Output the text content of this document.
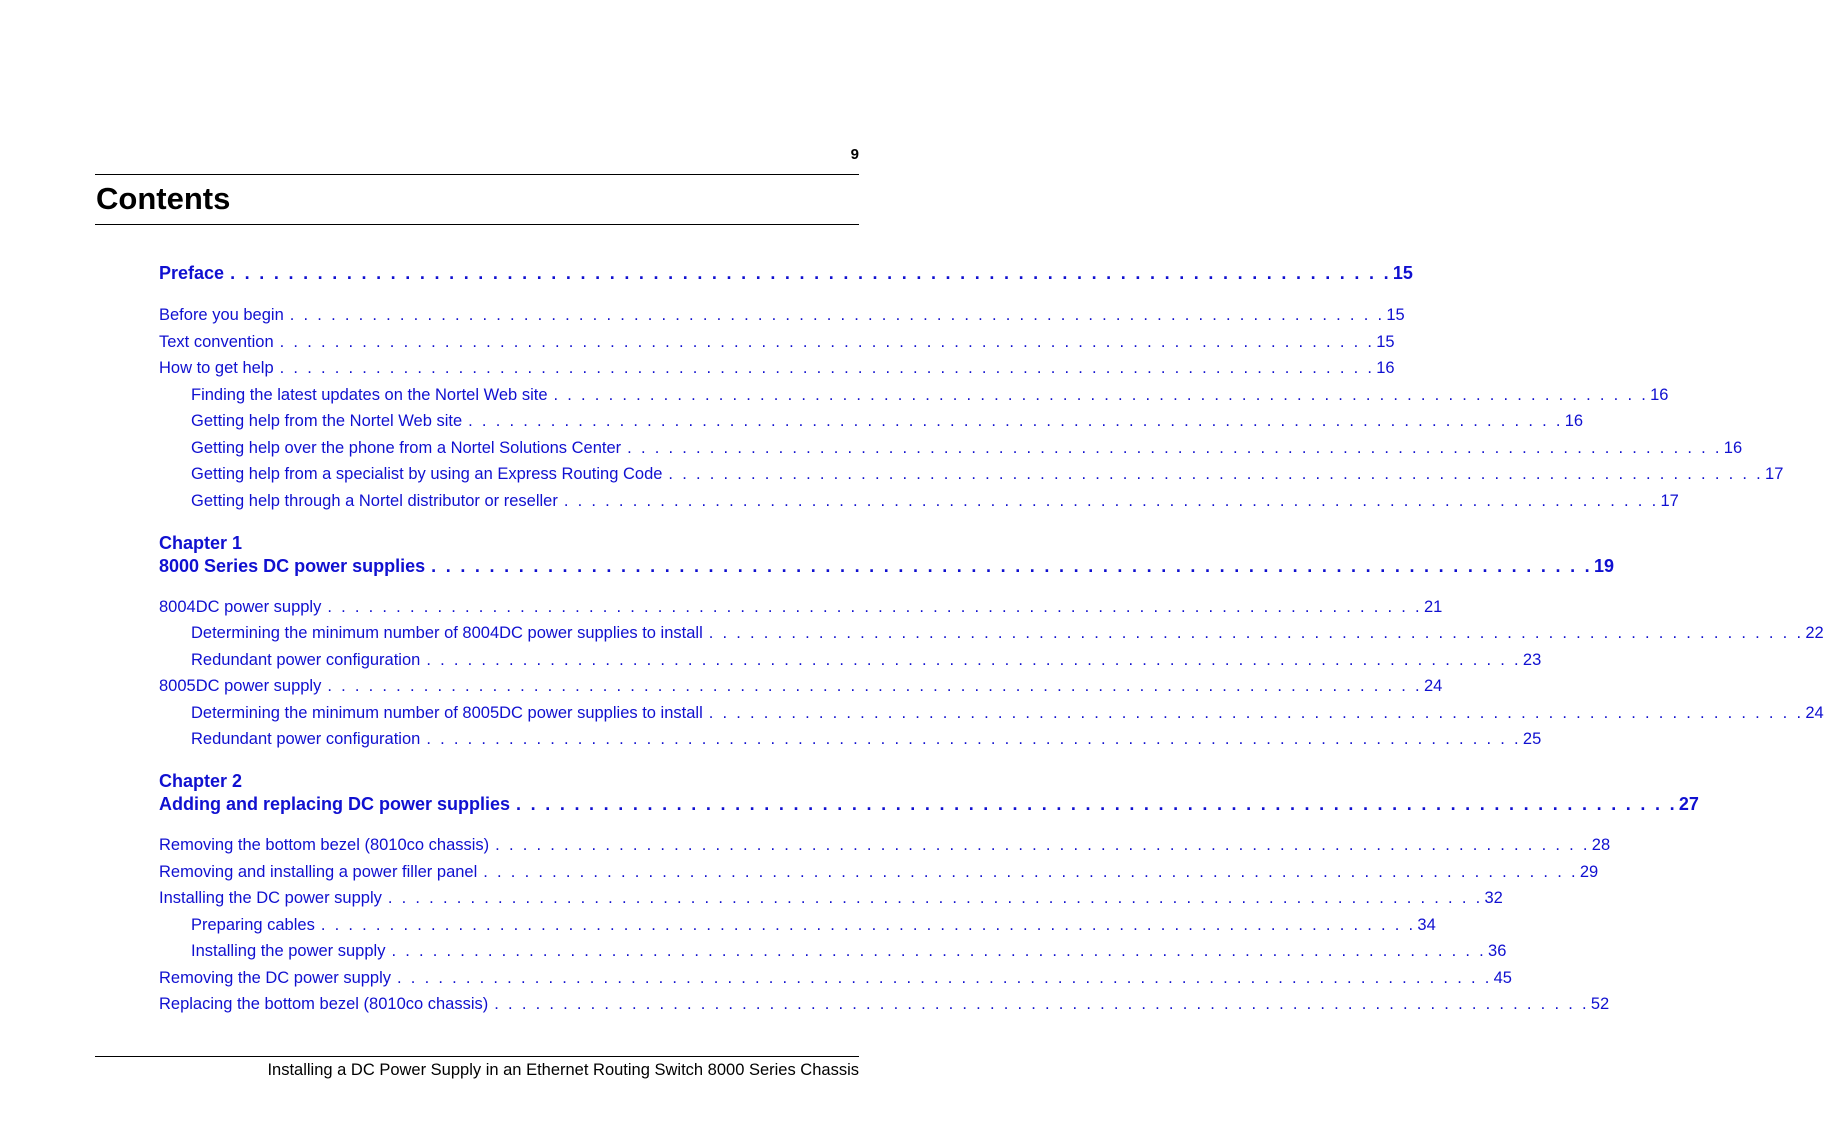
9
Contents
Preface . . . . . . . . . . . . . . . . . . . . . . . . . . . . . . . . . . . . . . . . . . . . . . . . . . . . . . . . . . . . . . . . . . . . . . . . . . . . . . . . 15
Before you begin . . . . . . . . . . . . . . . . . . . . . . . . . . . . . . . . . . . . . . . . . . . . . . . . . . . . . . . . . . . . . . . . . . . . . . . . . . . . . . . . 15
Text convention . . . . . . . . . . . . . . . . . . . . . . . . . . . . . . . . . . . . . . . . . . . . . . . . . . . . . . . . . . . . . . . . . . . . . . . . . . . . . . . . 15
How to get help . . . . . . . . . . . . . . . . . . . . . . . . . . . . . . . . . . . . . . . . . . . . . . . . . . . . . . . . . . . . . . . . . . . . . . . . . . . . . . . . 16
Finding the latest updates on the Nortel Web site . . . . . . . . . . . . . . . . . . . . . . . . . . . . . . . . . . . . . . . . . . . . . . . . . . . . . . . . . . . . . . . . . . . . . . . . . . . . . . . . 16
Getting help from the Nortel Web site . . . . . . . . . . . . . . . . . . . . . . . . . . . . . . . . . . . . . . . . . . . . . . . . . . . . . . . . . . . . . . . . . . . . . . . . . . . . . . . . 16
Getting help over the phone from a Nortel Solutions Center . . . . . . . . . . . . . . . . . . . . . . . . . . . . . . . . . . . . . . . . . . . . . . . . . . . . . . . . . . . . . . . . . . . . . . . . . . . . . . . . 16
Getting help from a specialist by using an Express Routing Code . . . . . . . . . . . . . . . . . . . . . . . . . . . . . . . . . . . . . . . . . . . . . . . . . . . . . . . . . . . . . . . . . . . . . . . . . . . . . . . . 17
Getting help through a Nortel distributor or reseller . . . . . . . . . . . . . . . . . . . . . . . . . . . . . . . . . . . . . . . . . . . . . . . . . . . . . . . . . . . . . . . . . . . . . . . . . . . . . . . . 17
Chapter 1
8000 Series DC power supplies . . . . . . . . . . . . . . . . . . . . . . . . . . . . . . . . . . . . . . . . . . . . . . . . . . . . . . . . . . . . . . . . . . . . . . . . . . . . . . . . 19
8004DC power supply . . . . . . . . . . . . . . . . . . . . . . . . . . . . . . . . . . . . . . . . . . . . . . . . . . . . . . . . . . . . . . . . . . . . . . . . . . . . . . . . 21
Determining the minimum number of 8004DC power supplies to install . . . . . . . . . . . . . . . . . . . . . . . . . . . . . . . . . . . . . . . . . . . . . . . . . . . . . . . . . . . . . . . . . . . . . . . . . . . . . . . . 22
Redundant power configuration . . . . . . . . . . . . . . . . . . . . . . . . . . . . . . . . . . . . . . . . . . . . . . . . . . . . . . . . . . . . . . . . . . . . . . . . . . . . . . . . 23
8005DC power supply . . . . . . . . . . . . . . . . . . . . . . . . . . . . . . . . . . . . . . . . . . . . . . . . . . . . . . . . . . . . . . . . . . . . . . . . . . . . . . . . 24
Determining the minimum number of 8005DC power supplies to install . . . . . . . . . . . . . . . . . . . . . . . . . . . . . . . . . . . . . . . . . . . . . . . . . . . . . . . . . . . . . . . . . . . . . . . . . . . . . . . . 24
Redundant power configuration . . . . . . . . . . . . . . . . . . . . . . . . . . . . . . . . . . . . . . . . . . . . . . . . . . . . . . . . . . . . . . . . . . . . . . . . . . . . . . . . 25
Chapter 2
Adding and replacing DC power supplies . . . . . . . . . . . . . . . . . . . . . . . . . . . . . . . . . . . . . . . . . . . . . . . . . . . . . . . . . . . . . . . . . . . . . . . . . . . . . . . . 27
Removing the bottom bezel (8010co chassis) . . . . . . . . . . . . . . . . . . . . . . . . . . . . . . . . . . . . . . . . . . . . . . . . . . . . . . . . . . . . . . . . . . . . . . . . . . . . . . . . 28
Removing and installing a power filler panel . . . . . . . . . . . . . . . . . . . . . . . . . . . . . . . . . . . . . . . . . . . . . . . . . . . . . . . . . . . . . . . . . . . . . . . . . . . . . . . . 29
Installing the DC power supply . . . . . . . . . . . . . . . . . . . . . . . . . . . . . . . . . . . . . . . . . . . . . . . . . . . . . . . . . . . . . . . . . . . . . . . . . . . . . . . . 32
Preparing cables . . . . . . . . . . . . . . . . . . . . . . . . . . . . . . . . . . . . . . . . . . . . . . . . . . . . . . . . . . . . . . . . . . . . . . . . . . . . . . . . 34
Installing the power supply . . . . . . . . . . . . . . . . . . . . . . . . . . . . . . . . . . . . . . . . . . . . . . . . . . . . . . . . . . . . . . . . . . . . . . . . . . . . . . . . 36
Removing the DC power supply . . . . . . . . . . . . . . . . . . . . . . . . . . . . . . . . . . . . . . . . . . . . . . . . . . . . . . . . . . . . . . . . . . . . . . . . . . . . . . . . 45
Replacing the bottom bezel (8010co chassis) . . . . . . . . . . . . . . . . . . . . . . . . . . . . . . . . . . . . . . . . . . . . . . . . . . . . . . . . . . . . . . . . . . . . . . . . . . . . . . . . 52
Installing a DC Power Supply in an Ethernet Routing Switch 8000 Series Chassis
